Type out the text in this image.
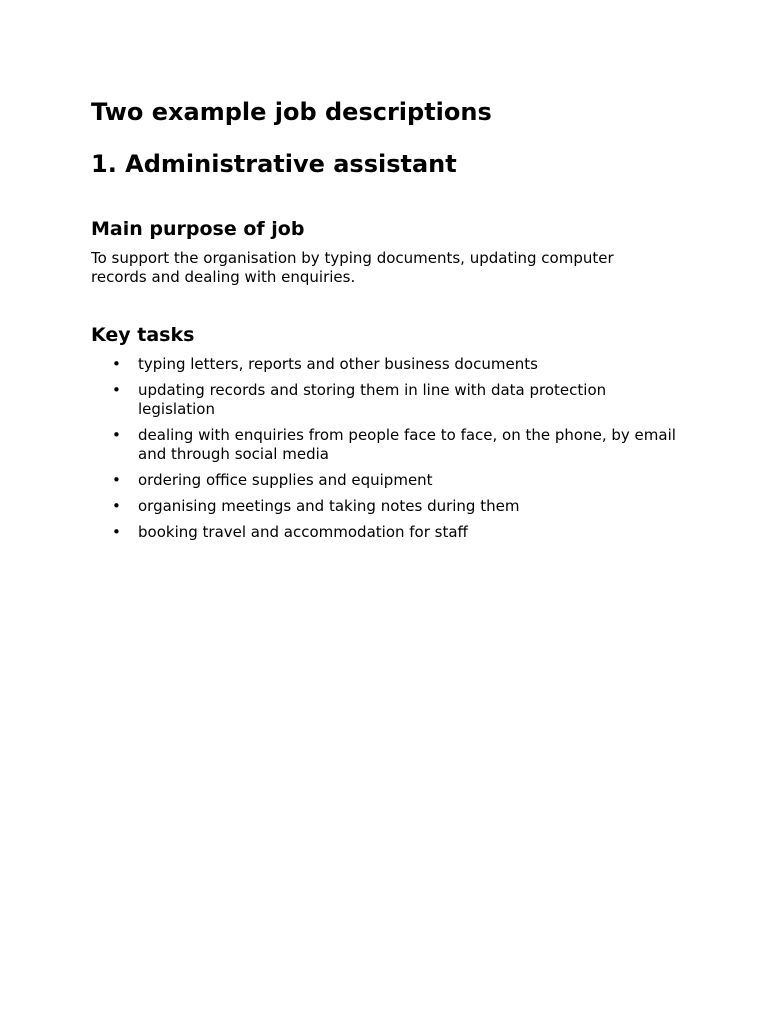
Two example job descriptions
1. Administrative assistant
Main purpose of job

To support the organisation by typing documents, updating computer records and dealing with enquiries.

Key tasks
• typing letters, reports and other business documents
• updating records and storing them in line with data protection legislation
• dealing with enquiries from people face to face, on the phone, by email and through social media
• ordering office supplies and equipment
• organising meetings and taking notes during them
• booking travel and accommodation for staff
